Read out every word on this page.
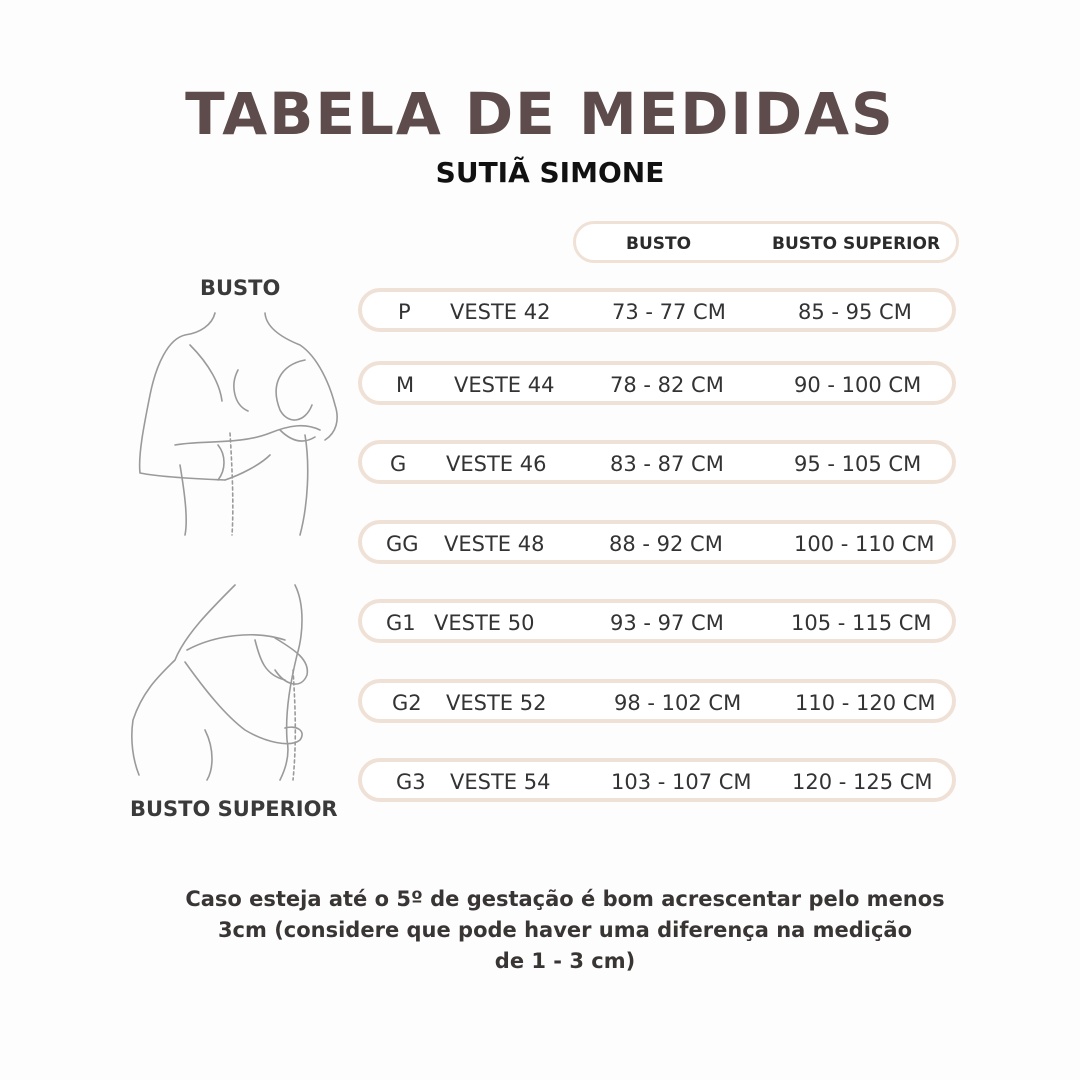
TABELA DE MEDIDAS
SUTIÃ SIMONE
BUSTO	BUSTO SUPERIOR
P VESTE 42	73 - 77 CM	85 - 95 CM
M VESTE 44	78 - 82 CM	90 - 100 CM
G VESTE 46	83 - 87 CM	95 - 105 CM
GG VESTE 48	88 - 92 CM	100 - 110 CM
G1 VESTE 50	93 - 97 CM	105 - 115 CM
G2 VESTE 52	98 - 102 CM	110 - 120 CM
G3 VESTE 54	103 - 107 CM 120 - 125 CM
BUSTO
BUSTO SUPERIOR
Caso esteja até o 5º de gestação é bom acrescentar pelo menos
3cm (considere que pode haver uma diferença na medição
de 1 - 3 cm)
